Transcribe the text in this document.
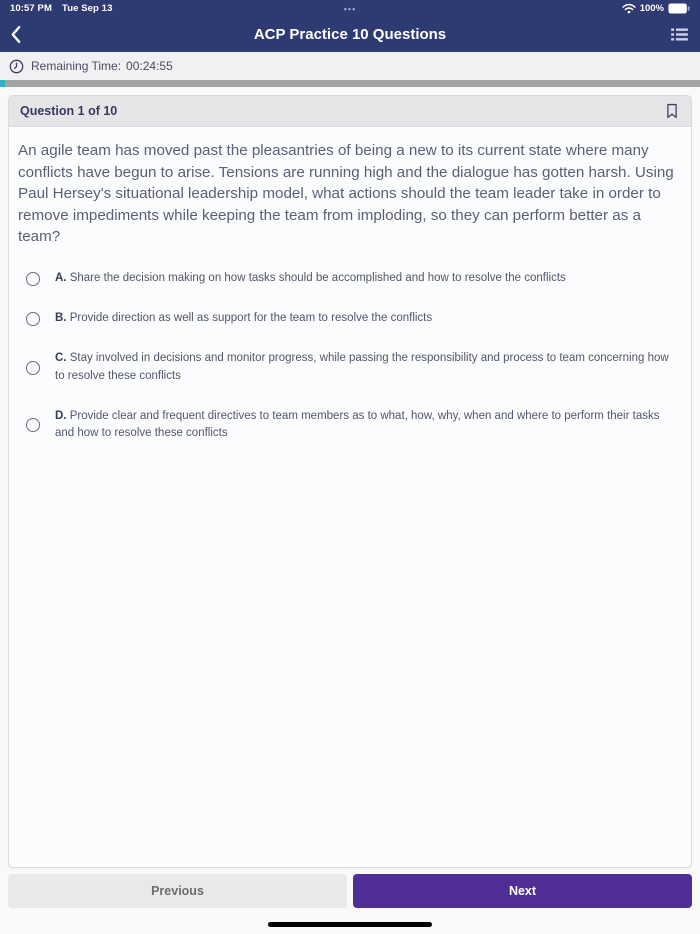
10:57 PM Tue Sep 13	•••	100%
ACP Practice 10 Questions
Remaining Time: 00:24:55
Question 1 of 10
An agile team has moved past the pleasantries of being a new to its current state where many conflicts have begun to arise. Tensions are running high and the dialogue has gotten harsh. Using Paul Hersey's situational leadership model, what actions should the team leader take in order to remove impediments while keeping the team from imploding, so they can perform better as a team?
A. Share the decision making on how tasks should be accomplished and how to resolve the conflicts
B. Provide direction as well as support for the team to resolve the conflicts
C. Stay involved in decisions and monitor progress, while passing the responsibility and process to team concerning how to resolve these conflicts
D. Provide clear and frequent directives to team members as to what, how, why, when and where to perform their tasks and how to resolve these conflicts
Previous	Next
